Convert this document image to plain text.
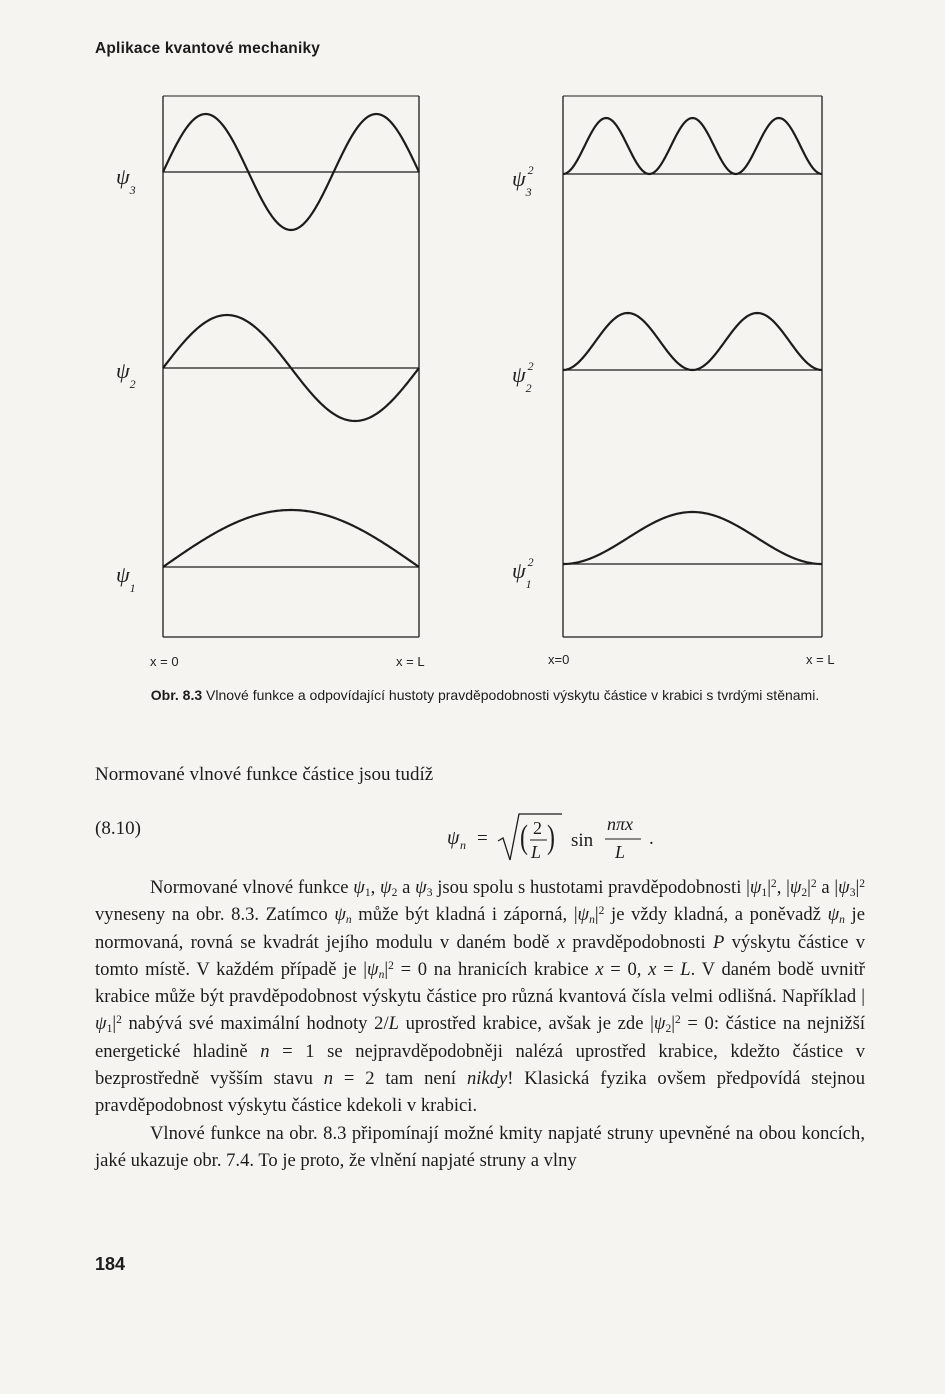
Aplikace kvantové mechaniky
$\psi_3$
$\psi_2$
$\psi_1$
$\psi_32$
$\psi_22$
$\psi_12$
x = 0	x = L	x=0	x = L
Obr. 8.3 Vlnové funkce a odpovídající hustoty pravděpodobnosti výskytu částice v krabici s tvrdými stěnami.
Normované vlnové funkce částice jsou tudíž
(8.10)	ψ n = ( 2
L ) sin
nπx
L
.

Normované vlnové funkce $\psi_1$, $\psi_2$ a $\psi_3$ jsou spolu s hustotami pravděpodobnosti $|\psi_1|^2$, $|\psi_2|^2$ a $|\psi_3|^2$ vyneseny na obr. 8.3. Zatímco $\psi_n$ může být kladná i záporná, $|\psi_n|^2$ je vždy kladná, a poněvadž $\psi_n$ je normovaná, rovná se kvadrát jejího modulu v daném bodě x pravděpodobnosti P výskytu částice v tomto místě. V každém případě je $|\psi_n|^2 = 0$ na hranicích krabice x = 0, x = L. V daném bodě uvnitř krabice může být pravděpodobnost výskytu částice pro různá kvantová čísla velmi odlišná. Například $|\psi_1|^2$ nabývá své maximální hodnoty 2/L uprostřed krabice, avšak je zde $|\psi_2|^2 = 0$: částice na nejnižší energetické hladině n = 1 se nejpravděpodobněji nalézá uprostřed krabice, kdežto částice v bezprostředně vyšším stavu n = 2 tam není nikdy! Klasická fyzika ovšem předpovídá stejnou pravděpodobnost výskytu částice kdekoli v krabici.

Vlnové funkce na obr. 8.3 připomínají možné kmity napjaté struny upevněné na obou koncích, jaké ukazuje obr. 7.4. To je proto, že vlnění napjaté struny a vlny

184
